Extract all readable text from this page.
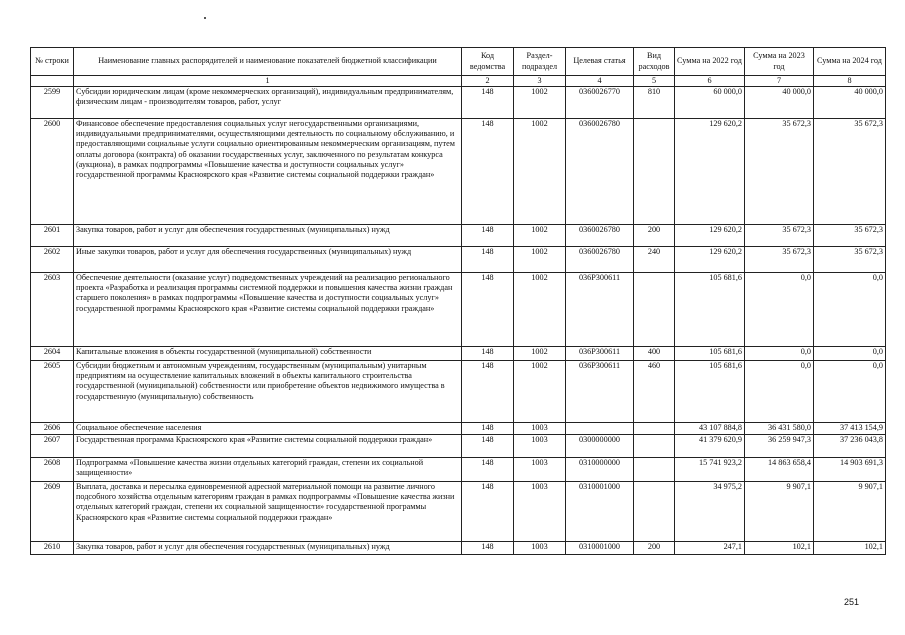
№ строки	Наименование главных распорядителей и наименование показателей бюджетной классификации	Код ведомства	Раздел-подраздел	Целевая статья	Вид расходов	Сумма на 2022 год	Сумма на 2023 год	Сумма на 2024 год
	1	2	3	4	5	6	7	8
2599	Субсидии юридическим лицам (кроме некоммерческих организаций), индивидуальным предпринимателям, физическим лицам - производителям товаров, работ, услуг	148	1002	0360026770	810	60 000,0	40 000,0	40 000,0
2600	Финансовое обеспечение предоставления социальных услуг негосударственными организациями, индивидуальными предпринимателями, осуществляющими деятельность по социальному обслуживанию, и предоставляющими социальные услуги социально ориентированным некоммерческим организациям, путем оплаты договора (контракта) об оказании государственных услуг, заключенного по результатам конкурса (аукциона), в рамках подпрограммы «Повышение качества и доступности социальных услуг» государственной программы Красноярского края «Развитие системы социальной поддержки граждан»	148	1002	0360026780		129 620,2	35 672,3	35 672,3
2601	Закупка товаров, работ и услуг для обеспечения государственных (муниципальных) нужд	148	1002	0360026780	200	129 620,2	35 672,3	35 672,3
2602	Иные закупки товаров, работ и услуг для обеспечения государственных (муниципальных) нужд	148	1002	0360026780	240	129 620,2	35 672,3	35 672,3
2603	Обеспечение деятельности (оказание услуг) подведомственных учреждений на реализацию регионального проекта «Разработка и реализация программы системной поддержки и повышения качества жизни граждан старшего поколения» в рамках подпрограммы «Повышение качества и доступности социальных услуг» государственной программы Красноярского края «Развитие системы социальной поддержки граждан»	148	1002	036P300611		105 681,6	0,0	0,0
2604	Капитальные вложения в объекты государственной (муниципальной) собственности	148	1002	036P300611	400	105 681,6	0,0	0,0
2605	Субсидии бюджетным и автономным учреждениям, государственным (муниципальным) унитарным предприятиям на осуществление капитальных вложений в объекты капитального строительства государственной (муниципальной) собственности или приобретение объектов недвижимого имущества в государственную (муниципальную) собственность	148	1002	036P300611	460	105 681,6	0,0	0,0
2606	Социальное обеспечение населения	148	1003			43 107 884,8	36 431 580,0	37 413 154,9
2607	Государственная программа Красноярского края «Развитие системы социальной поддержки граждан»	148	1003	0300000000		41 379 620,9	36 259 947,3	37 236 043,8
2608	Подпрограмма «Повышение качества жизни отдельных категорий граждан, степени их социальной защищенности»	148	1003	0310000000		15 741 923,2	14 863 658,4	14 903 691,3
2609	Выплата, доставка и пересылка единовременной адресной материальной помощи на развитие личного подсобного хозяйства отдельным категориям граждан в рамках подпрограммы «Повышение качества жизни отдельных категорий граждан, степени их социальной защищенности» государственной программы Красноярского края «Развитие системы социальной поддержки граждан»	148	1003	0310001000		34 975,2	9 907,1	9 907,1
2610	Закупка товаров, работ и услуг для обеспечения государственных (муниципальных) нужд	148	1003	0310001000	200	247,1	102,1	102,1
251
